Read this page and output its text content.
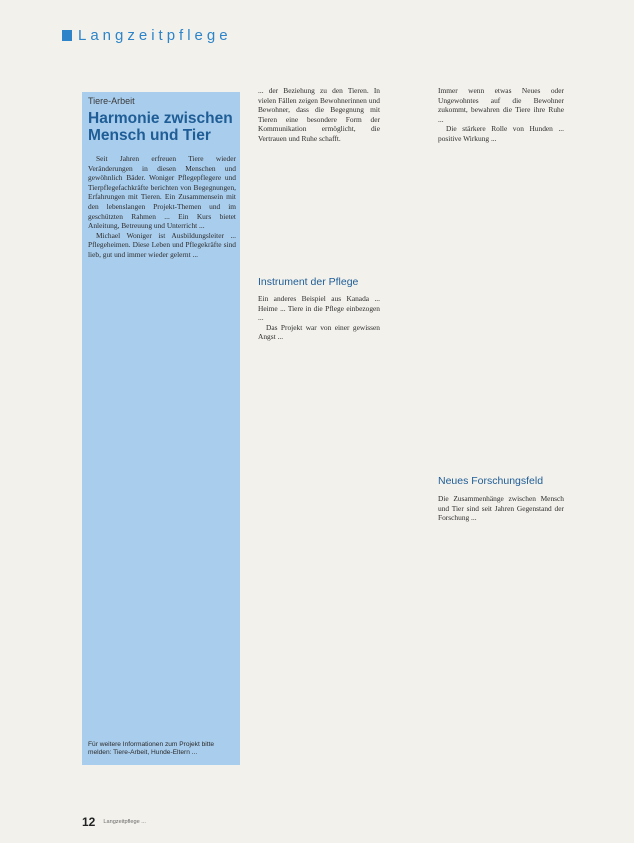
Langzeitpflege
Tiere-Arbeit
Harmonie zwischen Mensch und Tier

Seit Jahren erfreuen Tiere wieder Veränderungen in diesen Menschen und gewöhnlich Bäder. Woniger Pflegepflegere und Tierpflegefachkräfte berichten von Begegnungen, Erfahrungen mit Tieren. Ein Zusammensein mit den lebenslangen Projekt-Themen und im geschützten Rahmen ... Ein Kurs bietet Anleitung, Betreuung und Unterricht ...

Michael Woniger ist Ausbildungsleiter ... Pflegeheimen. Diese Leben und Pflegekräfte sind lieb, gut und immer wieder gelernt ...

Für weitere Informationen zum Projekt bitte melden: Tiere-Arbeit, Hunde-Eltern ...

... der Beziehung zu den Tieren. In vielen Fällen zeigen Bewohnerinnen und Bewohner, dass die Begegnung mit Tieren eine besondere Form der Kommunikation ermöglicht, die Vertrauen und Ruhe schafft.

Instrument der Pflege

Ein anderes Beispiel aus Kanada ... Heime ... Tiere in die Pflege einbezogen ...

Das Projekt war von einer gewissen Angst ...

Immer wenn etwas Neues oder Ungewohntes auf die Bewohner zukommt, bewahren die Tiere ihre Ruhe ...

Die stärkere Rolle von Hunden ... positive Wirkung ...

Neues Forschungsfeld

Die Zusammenhänge zwischen Mensch und Tier sind seit Jahren Gegenstand der Forschung ...

12 Langzeitpflege ...
